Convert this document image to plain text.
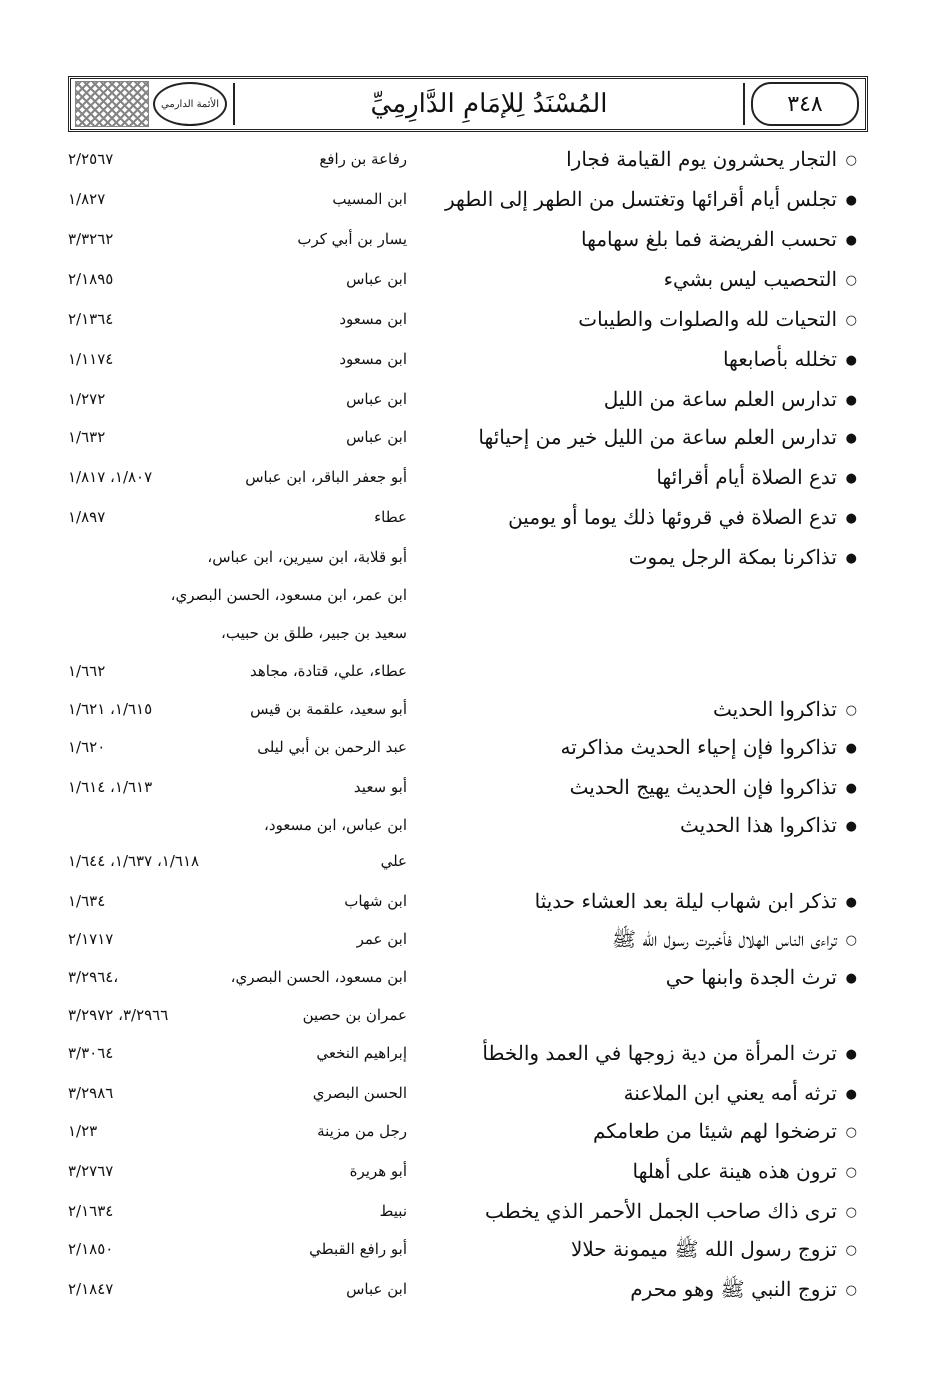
الأئمة الدارمي	المُسْنَدُ لِلإمَامِ الدَّارِمِيِّ	٣٤٨
○التجار يحشرون يوم القيامة فجارا
رفاعة بن رافع
٢/٢٥٦٧
●تجلس أيام أقرائها وتغتسل من الطهر إلى الطهر
ابن المسيب
١/٨٢٧
●تحسب الفريضة فما بلغ سهامها
يسار بن أبي كرب
٣/٣٢٦٢
○التحصيب ليس بشيء
ابن عباس
٢/١٨٩٥
○التحيات لله والصلوات والطيبات
ابن مسعود
٢/١٣٦٤
●تخلله بأصابعها
ابن مسعود
١/١١٧٤
●تدارس العلم ساعة من الليل
ابن عباس
١/٢٧٢
●تدارس العلم ساعة من الليل خير من إحيائها
ابن عباس
١/٦٣٢
●تدع الصلاة أيام أقرائها
أبو جعفر الباقر، ابن عباس
١/٨٠٧، ١/٨١٧
●تدع الصلاة في قروئها ذلك يوما أو يومين
عطاء
١/٨٩٧
●تذاكرنا بمكة الرجل يموت
أبو قلابة، ابن سيرين، ابن عباس،
ابن عمر، ابن مسعود، الحسن البصري،
سعيد بن جبير، طلق بن حبيب،
عطاء، علي، قتادة، مجاهد
١/٦٦٢
○تذاكروا الحديث
أبو سعيد، علقمة بن قيس
١/٦١٥، ١/٦٢١
●تذاكروا فإن إحياء الحديث مذاكرته
عبد الرحمن بن أبي ليلى
١/٦٢٠
●تذاكروا فإن الحديث يهيج الحديث
أبو سعيد
١/٦١٣، ١/٦١٤
●تذاكروا هذا الحديث
ابن عباس، ابن مسعود،
علي
١/٦١٨، ١/٦٣٧، ١/٦٤٤
●تذكر ابن شهاب ليلة بعد العشاء حديثا
ابن شهاب
١/٦٣٤
○تراءى الناس الهلال فأخبرت رسول الله ﷺ
ابن عمر
٢/١٧١٧
●ترث الجدة وابنها حي
ابن مسعود، الحسن البصري،
٣/٢٩٦٤،
عمران بن حصين
٣/٢٩٦٦، ٣/٢٩٧٢
●ترث المرأة من دية زوجها في العمد والخطأ
إبراهيم النخعي
٣/٣٠٦٤
●ترثه أمه يعني ابن الملاعنة
الحسن البصري
٣/٢٩٨٦
○ترضخوا لهم شيئا من طعامكم
رجل من مزينة
١/٢٣
○ترون هذه هينة على أهلها
أبو هريرة
٣/٢٧٦٧
○ترى ذاك صاحب الجمل الأحمر الذي يخطب
نبيط
٢/١٦٣٤
○تزوج رسول الله ﷺ ميمونة حلالا
أبو رافع القبطي
٢/١٨٥٠
○تزوج النبي ﷺ وهو محرم
ابن عباس
٢/١٨٤٧
